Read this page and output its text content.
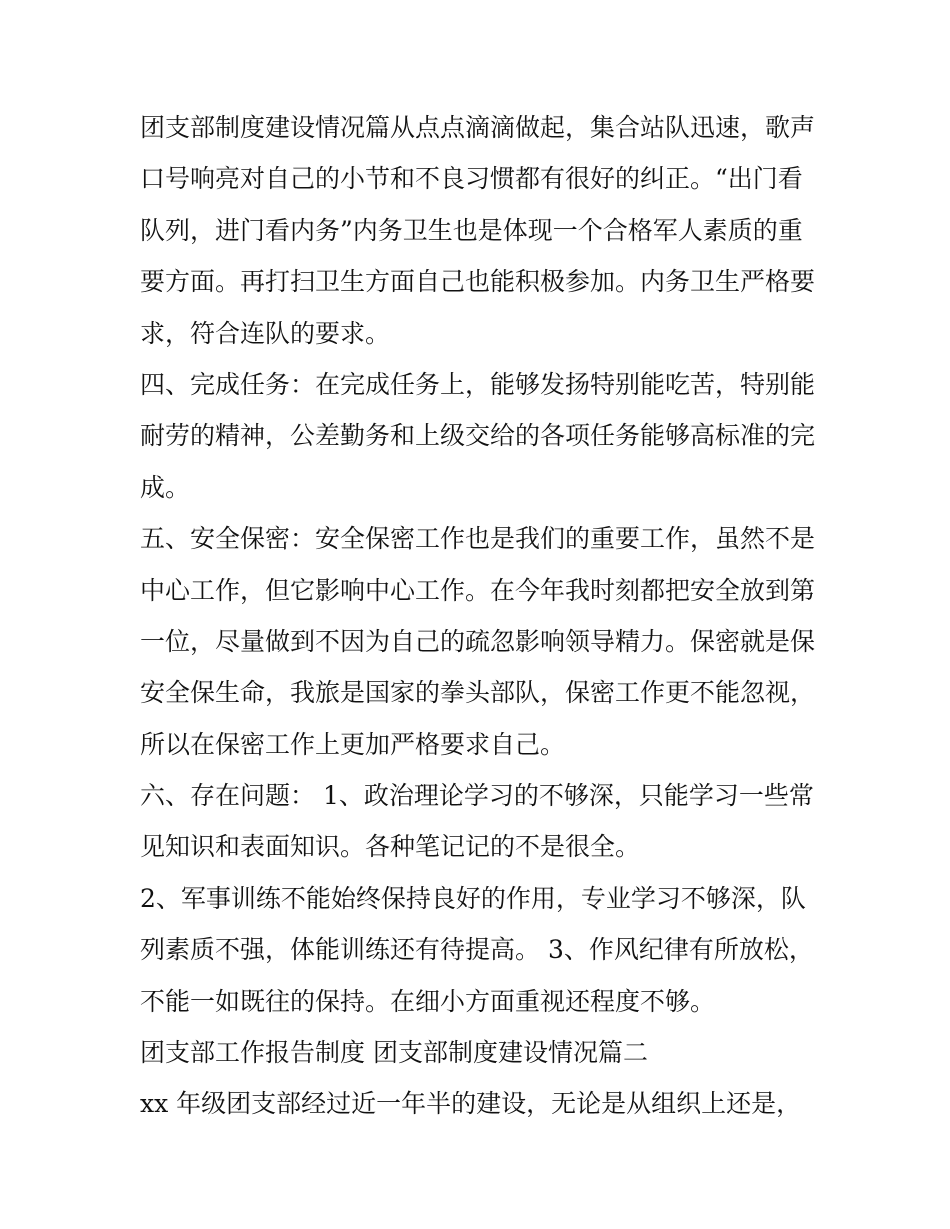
团支部制度建设情况篇从点点滴滴做起，集合站队迅速，歌声
口号响亮对自己的小节和不良习惯都有很好的纠正。“出门看
队列，进门看内务”内务卫生也是体现一个合格军人素质的重
要方面。再打扫卫生方面自己也能积极参加。内务卫生严格要
求，符合连队的要求。
四、完成任务：在完成任务上，能够发扬特别能吃苦，特别能
耐劳的精神，公差勤务和上级交给的各项任务能够高标准的完
成。
五、安全保密：安全保密工作也是我们的重要工作，虽然不是
中心工作，但它影响中心工作。在今年我时刻都把安全放到第
一位，尽量做到不因为自己的疏忽影响领导精力。保密就是保
安全保生命，我旅是国家的拳头部队，保密工作更不能忽视，
所以在保密工作上更加严格要求自己。
六、存在问题： 1、政治理论学习的不够深，只能学习一些常
见知识和表面知识。各种笔记记的不是很全。
2、军事训练不能始终保持良好的作用，专业学习不够深，队
列素质不强，体能训练还有待提高。 3、作风纪律有所放松，
不能一如既往的保持。在细小方面重视还程度不够。
团支部工作报告制度 团支部制度建设情况篇二
xx 年级团支部经过近一年半的建设，无论是从组织上还是，
